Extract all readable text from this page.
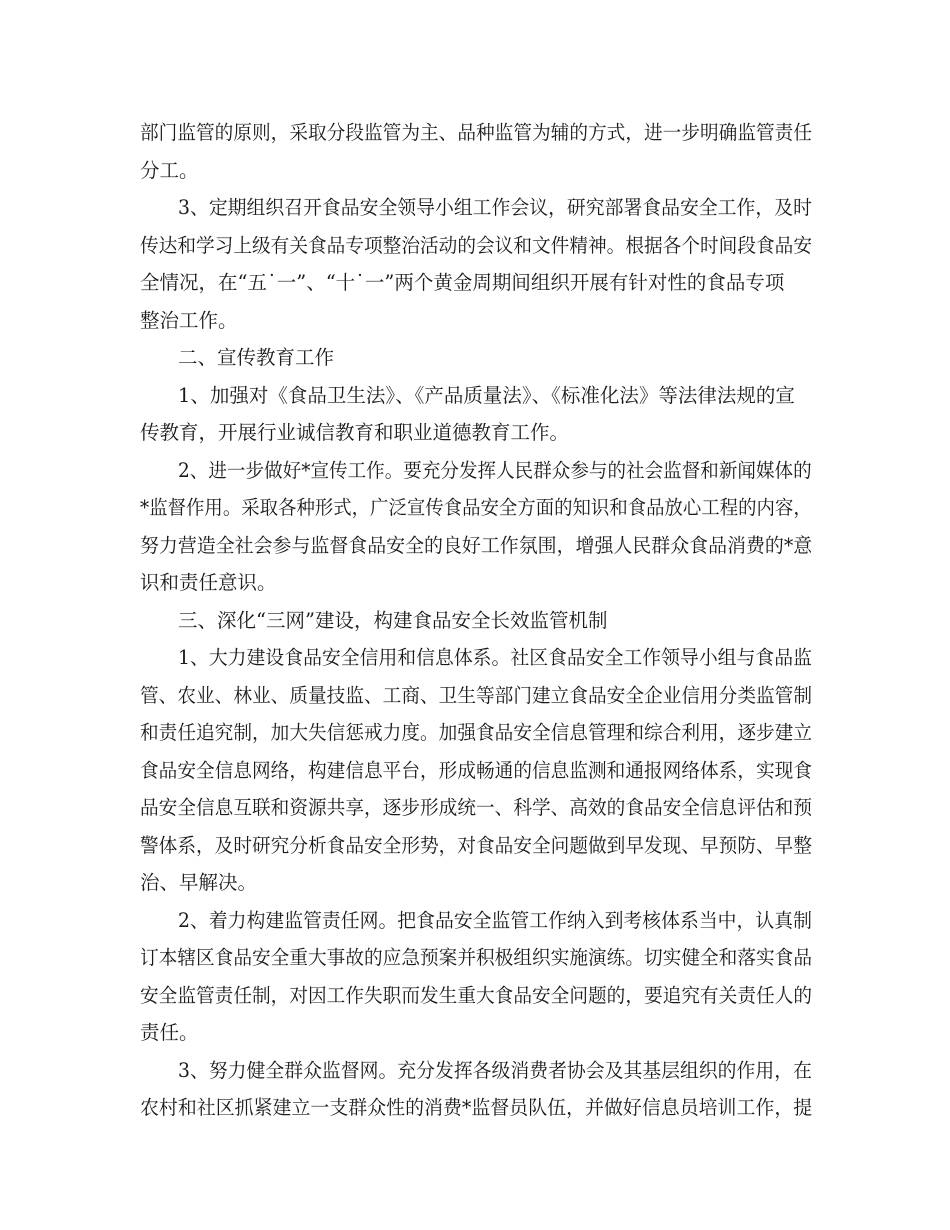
部门监管的原则，采取分段监管为主、品种监管为辅的方式，进一步明确监管责任
分工。
3、定期组织召开食品安全领导小组工作会议，研究部署食品安全工作，及时
传达和学习上级有关食品专项整治活动的会议和文件精神。根据各个时间段食品安
全情况，在“五˙一”、“十˙一”两个黄金周期间组织开展有针对性的食品专项
整治工作。
二、宣传教育工作
1、加强对《食品卫生法》、《产品质量法》、《标准化法》等法律法规的宣
传教育，开展行业诚信教育和职业道德教育工作。
2、进一步做好*宣传工作。要充分发挥人民群众参与的社会监督和新闻媒体的
*监督作用。采取各种形式，广泛宣传食品安全方面的知识和食品放心工程的内容，
努力营造全社会参与监督食品安全的良好工作氛围，增强人民群众食品消费的*意
识和责任意识。
三、深化“三网”建设，构建食品安全长效监管机制
1、大力建设食品安全信用和信息体系。社区食品安全工作领导小组与食品监
管、农业、林业、质量技监、工商、卫生等部门建立食品安全企业信用分类监管制
和责任追究制，加大失信惩戒力度。加强食品安全信息管理和综合利用，逐步建立
食品安全信息网络，构建信息平台，形成畅通的信息监测和通报网络体系，实现食
品安全信息互联和资源共享，逐步形成统一、科学、高效的食品安全信息评估和预
警体系，及时研究分析食品安全形势，对食品安全问题做到早发现、早预防、早整
治、早解决。
2、着力构建监管责任网。把食品安全监管工作纳入到考核体系当中，认真制
订本辖区食品安全重大事故的应急预案并积极组织实施演练。切实健全和落实食品
安全监管责任制，对因工作失职而发生重大食品安全问题的，要追究有关责任人的
责任。
3、努力健全群众监督网。充分发挥各级消费者协会及其基层组织的作用，在
农村和社区抓紧建立一支群众性的消费*监督员队伍，并做好信息员培训工作，提
